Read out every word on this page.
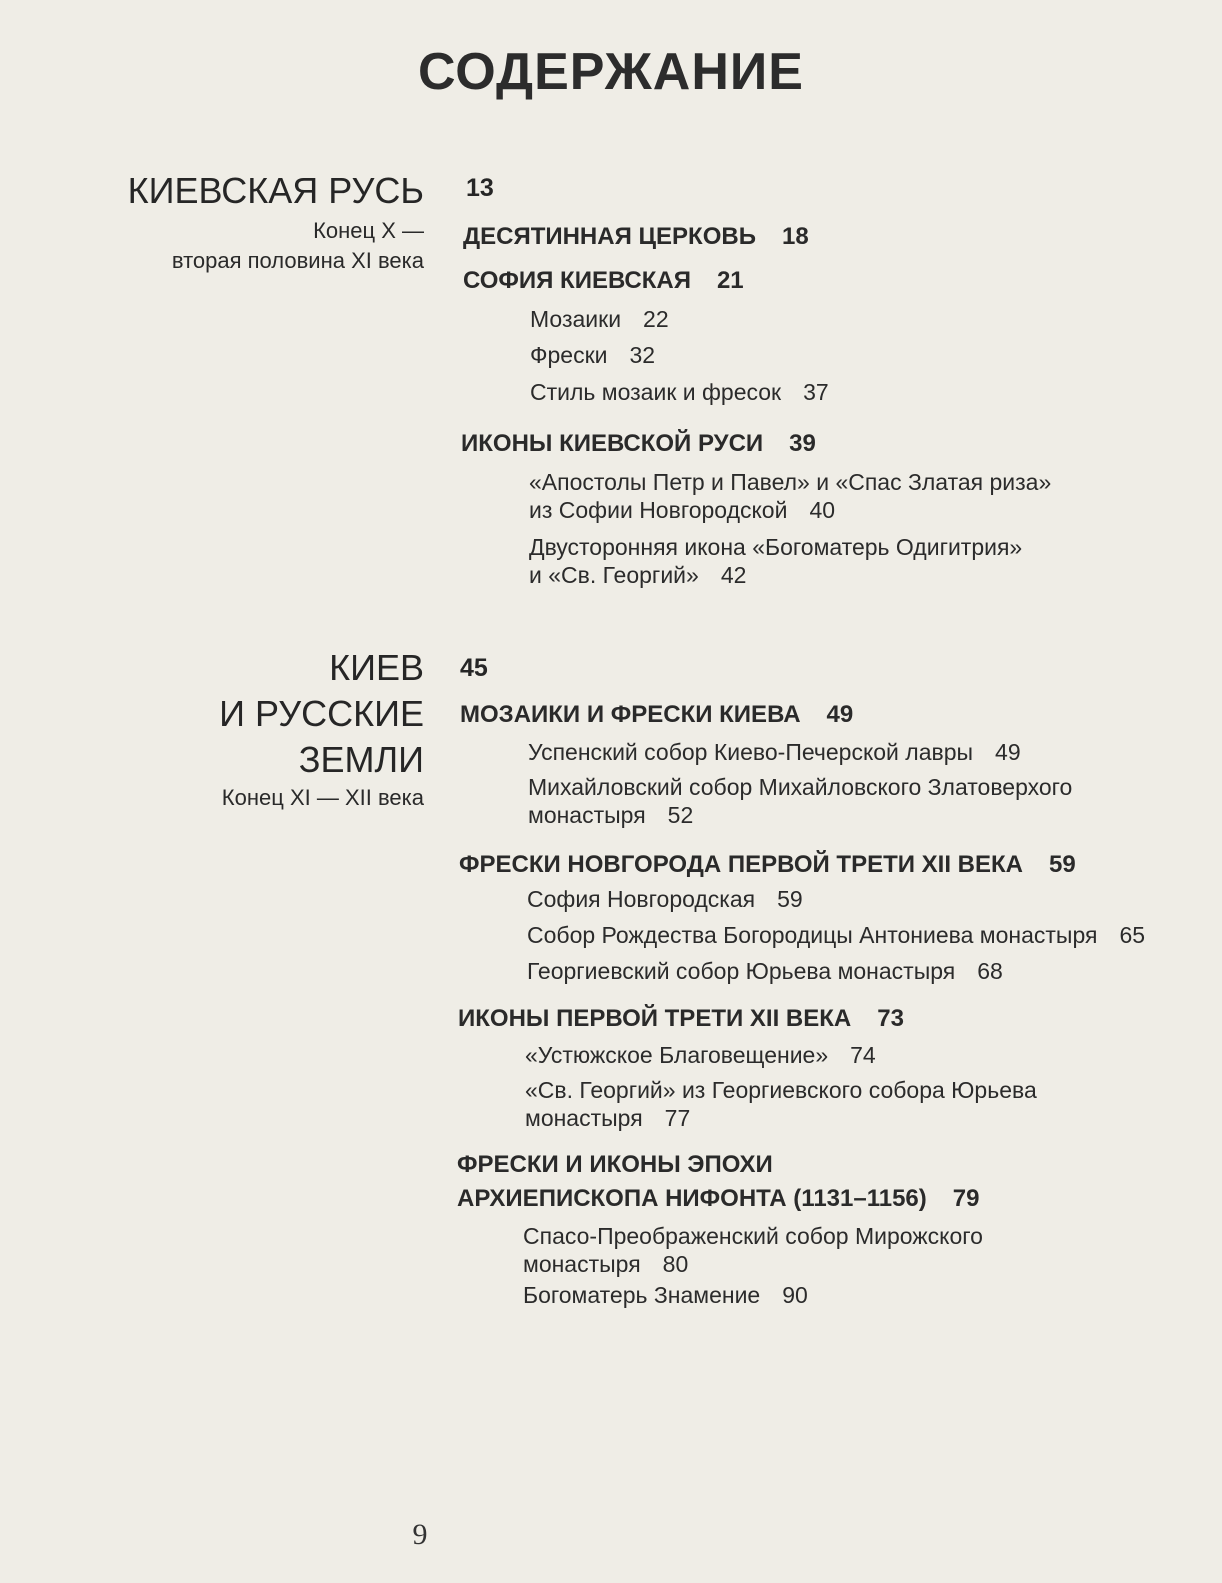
СОДЕРЖАНИЕ
КИЕВСКАЯ РУСЬ
Конец X —
вторая половина XI века
13
ДЕСЯТИННАЯ ЦЕРКОВЬ 18
СОФИЯ КИЕВСКАЯ 21
Мозаики 22
Фрески 32
Стиль мозаик и фресок 37
ИКОНЫ КИЕВСКОЙ РУСИ 39
«Апостолы Петр и Павел» и «Спас Златая риза»
из Софии Новгородской 40
Двусторонняя икона «Богоматерь Одигитрия»
и «Св. Георгий» 42
КИЕВ
И РУССКИЕ
ЗЕМЛИ
Конец XI — XII века
45
МОЗАИКИ И ФРЕСКИ КИЕВА 49
Успенский собор Киево-Печерской лавры 49
Михайловский собор Михайловского Златоверхого
монастыря 52
ФРЕСКИ НОВГОРОДА ПЕРВОЙ ТРЕТИ XII ВЕКА 59
София Новгородская 59
Собор Рождества Богородицы Антониева монастыря 65
Георгиевский собор Юрьева монастыря 68
ИКОНЫ ПЕРВОЙ ТРЕТИ XII ВЕКА 73
«Устюжское Благовещение» 74
«Св. Георгий» из Георгиевского собора Юрьева
монастыря 77
ФРЕСКИ И ИКОНЫ ЭПОХИ
АРХИЕПИСКОПА НИФОНТА (1131–1156) 79
Спасо-Преображенский собор Мирожского
монастыря 80
Богоматерь Знамение 90
9
